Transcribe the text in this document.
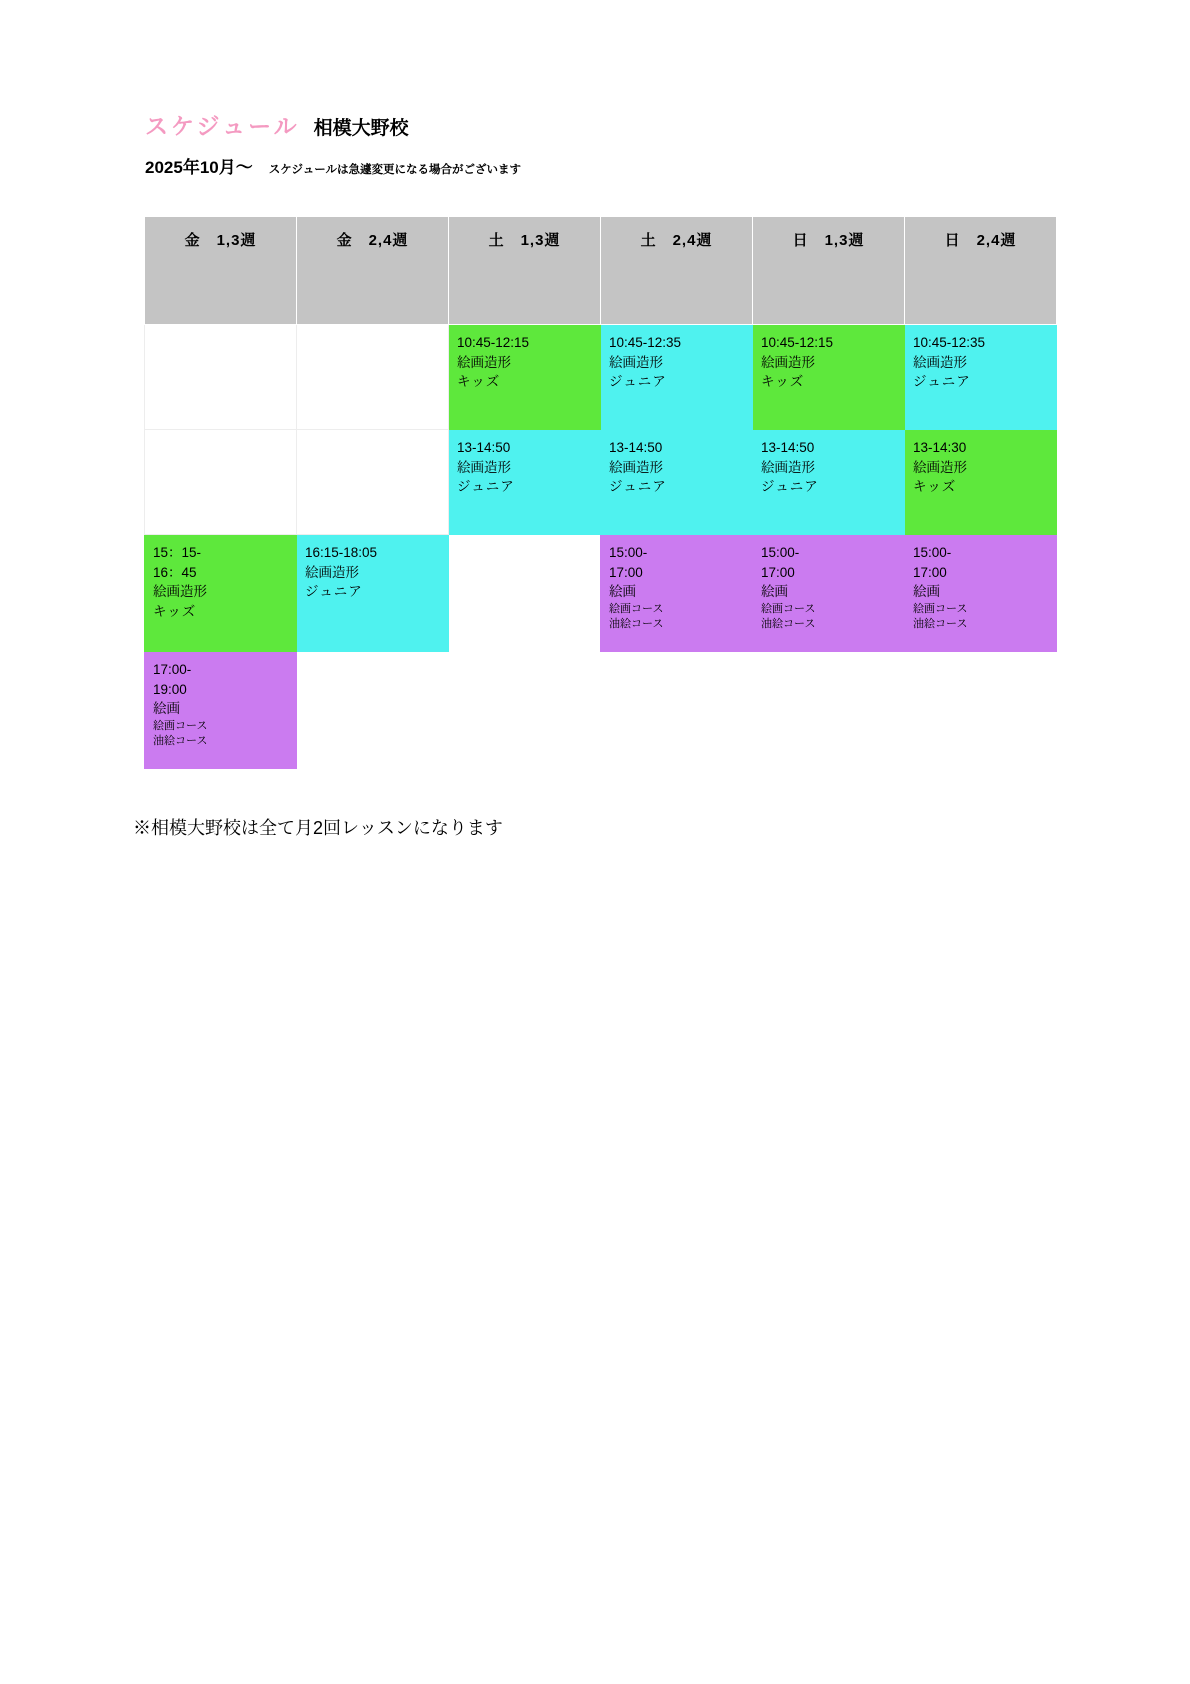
スケジュール 相模大野校
2025年10月〜 スケジュールは急遽変更になる場合がございます
金　1,3週	金　2,4週	土　1,3週	土　2,4週	日　1,3週	日　2,4週

		10:45-12:15
絵画造形
キッズ	10:45-12:35
絵画造形
ジュニア	10:45-12:15
絵画造形
キッズ	10:45-12:35
絵画造形
ジュニア

		13-14:50
絵画造形
ジュニア	13-14:50
絵画造形
ジュニア	13-14:50
絵画造形
ジュニア	13-14:30
絵画造形
キッズ

15：15-
16：45
絵画造形
キッズ	16:15-18:05
絵画造形
ジュニア		15:00-
17:00
絵画
絵画コース
油絵コース	15:00-
17:00
絵画
絵画コース
油絵コース	15:00-
17:00
絵画
絵画コース
油絵コース

17:00-
19:00
絵画
絵画コース
油絵コース					

※相模大野校は全て月2回レッスンになります
